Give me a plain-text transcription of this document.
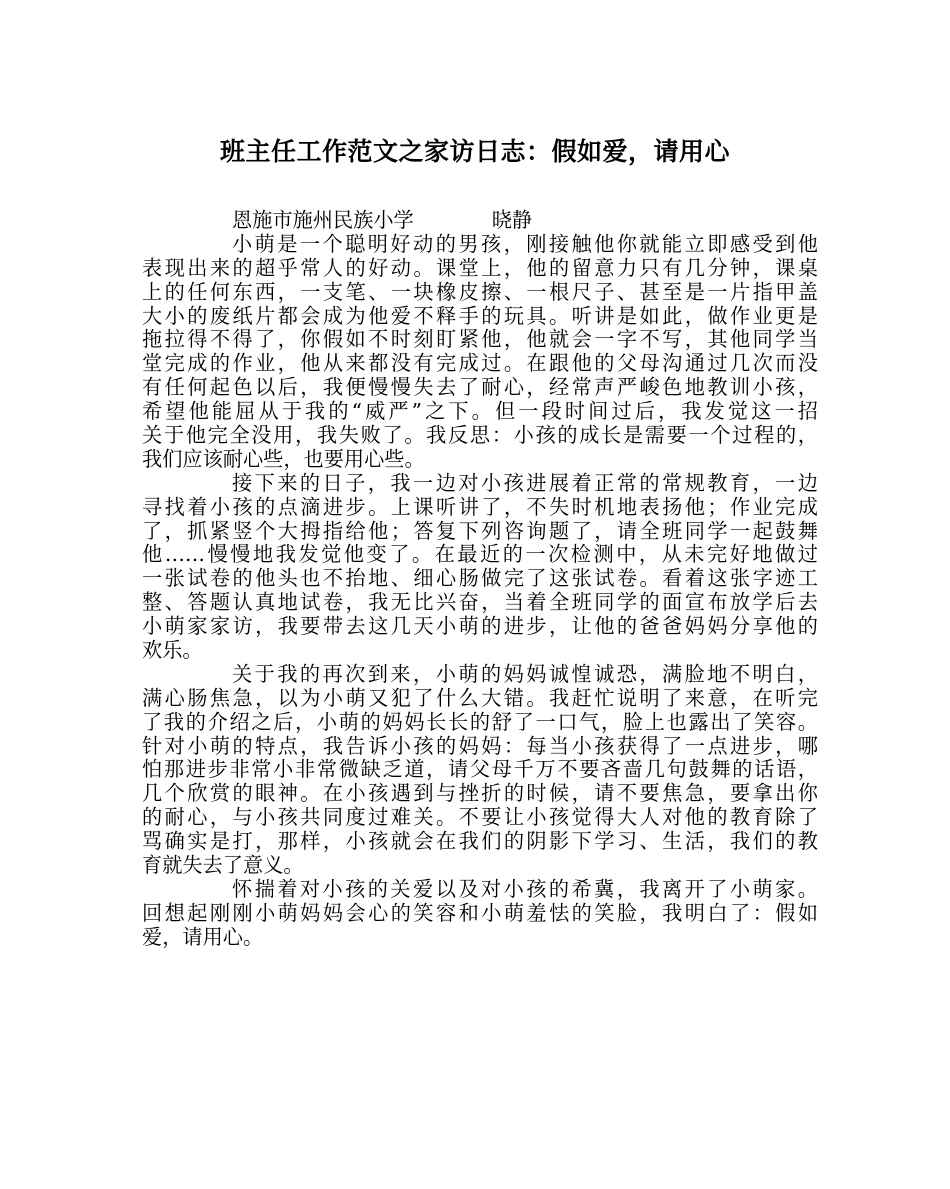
班主任工作范文之家访日志：假如爱，请用心
恩施市施州民族小学	晓静
小萌是一个聪明好动的男孩，刚接触他你就能立即感受到他
表现出来的超乎常人的好动。课堂上，他的留意力只有几分钟，课桌
上的任何东西，一支笔、一块橡皮擦、一根尺子、甚至是一片指甲盖
大小的废纸片都会成为他爱不释手的玩具。听讲是如此，做作业更是
拖拉得不得了，你假如不时刻盯紧他，他就会一字不写，其他同学当
堂完成的作业，他从来都没有完成过。在跟他的父母沟通过几次而没
有任何起色以后，我便慢慢失去了耐心，经常声严峻色地教训小孩，
希望他能屈从于我的“威严”之下。但一段时间过后，我发觉这一招
关于他完全没用，我失败了。我反思：小孩的成长是需要一个过程的，
我们应该耐心些，也要用心些。
接下来的日子，我一边对小孩进展着正常的常规教育，一边
寻找着小孩的点滴进步。上课听讲了，不失时机地表扬他；作业完成
了，抓紧竖个大拇指给他；答复下列咨询题了，请全班同学一起鼓舞
他……慢慢地我发觉他变了。在最近的一次检测中，从未完好地做过
一张试卷的他头也不抬地、细心肠做完了这张试卷。看着这张字迹工
整、答题认真地试卷，我无比兴奋，当着全班同学的面宣布放学后去
小萌家家访，我要带去这几天小萌的进步，让他的爸爸妈妈分享他的
欢乐。
关于我的再次到来，小萌的妈妈诚惶诚恐，满脸地不明白，
满心肠焦急，以为小萌又犯了什么大错。我赶忙说明了来意，在听完
了我的介绍之后，小萌的妈妈长长的舒了一口气，脸上也露出了笑容。
针对小萌的特点，我告诉小孩的妈妈：每当小孩获得了一点进步，哪
怕那进步非常小非常微缺乏道，请父母千万不要吝啬几句鼓舞的话语，
几个欣赏的眼神。在小孩遇到与挫折的时候，请不要焦急，要拿出你
的耐心，与小孩共同度过难关。不要让小孩觉得大人对他的教育除了
骂确实是打，那样，小孩就会在我们的阴影下学习、生活，我们的教
育就失去了意义。
怀揣着对小孩的关爱以及对小孩的希冀，我离开了小萌家。
回想起刚刚小萌妈妈会心的笑容和小萌羞怯的笑脸，我明白了：假如
爱，请用心。
